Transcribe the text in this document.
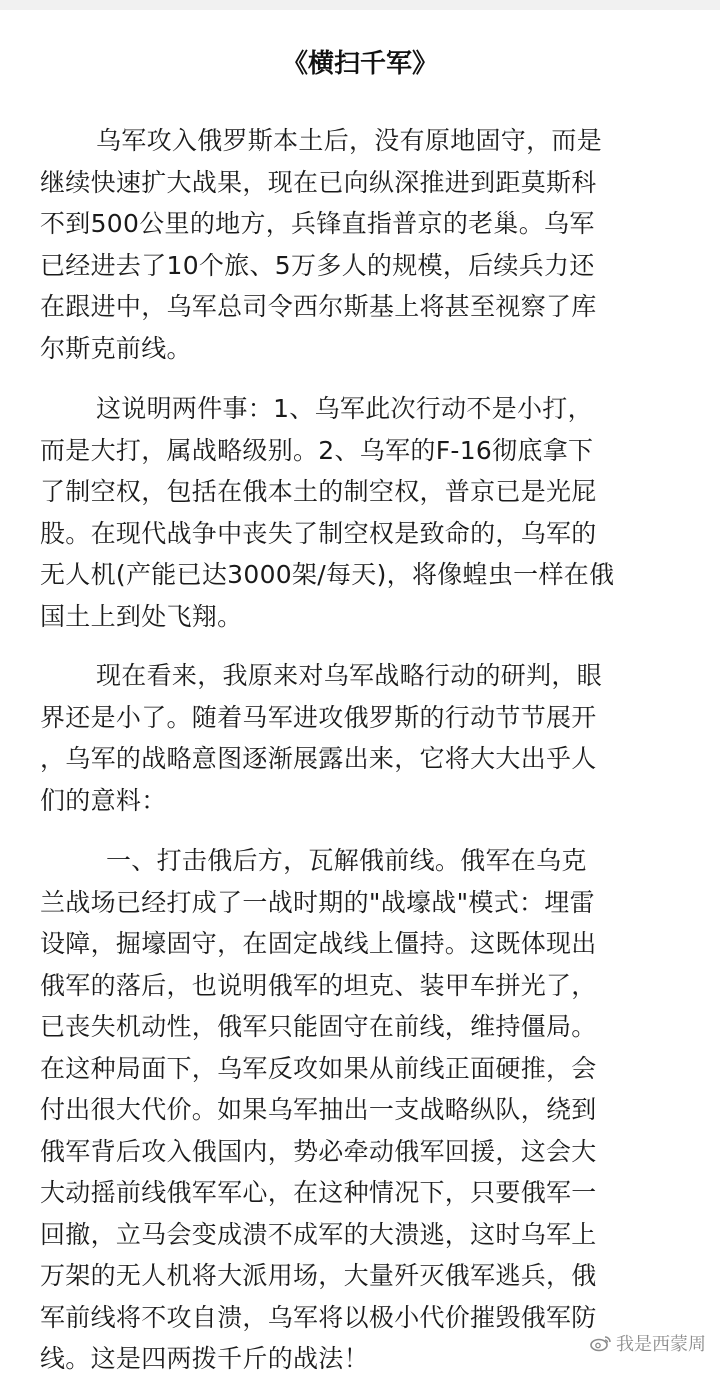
《横扫千军》
乌军攻入俄罗斯本土后，没有原地固守，而是
继续快速扩大战果，现在已向纵深推进到距莫斯科
不到500公里的地方，兵锋直指普京的老巢。乌军
已经进去了10个旅、5万多人的规模，后续兵力还
在跟进中，乌军总司令西尔斯基上将甚至视察了库
尔斯克前线。
这说明两件事：1、乌军此次行动不是小打，
而是大打，属战略级别。2、乌军的F-16彻底拿下
了制空权，包括在俄本土的制空权，普京已是光屁
股。在现代战争中丧失了制空权是致命的，乌军的
无人机(产能已达3000架/每天)，将像蝗虫一样在俄
国土上到处飞翔。
现在看来，我原来对乌军战略行动的研判，眼
界还是小了。随着马军进攻俄罗斯的行动节节展开
，乌军的战略意图逐渐展露出来，它将大大出乎人
们的意料：
一、打击俄后方，瓦解俄前线。俄军在乌克
兰战场已经打成了一战时期的"战壕战"模式：埋雷
设障，掘壕固守，在固定战线上僵持。这既体现出
俄军的落后，也说明俄军的坦克、装甲车拼光了，
已丧失机动性，俄军只能固守在前线，维持僵局。
在这种局面下，乌军反攻如果从前线正面硬推，会
付出很大代价。如果乌军抽出一支战略纵队，绕到
俄军背后攻入俄国内，势必牵动俄军回援，这会大
大动摇前线俄军军心，在这种情况下，只要俄军一
回撤，立马会变成溃不成军的大溃逃，这时乌军上
万架的无人机将大派用场，大量歼灭俄军逃兵，俄
军前线将不攻自溃，乌军将以极小代价摧毁俄军防
线。这是四两拨千斤的战法！	我是西蒙周
